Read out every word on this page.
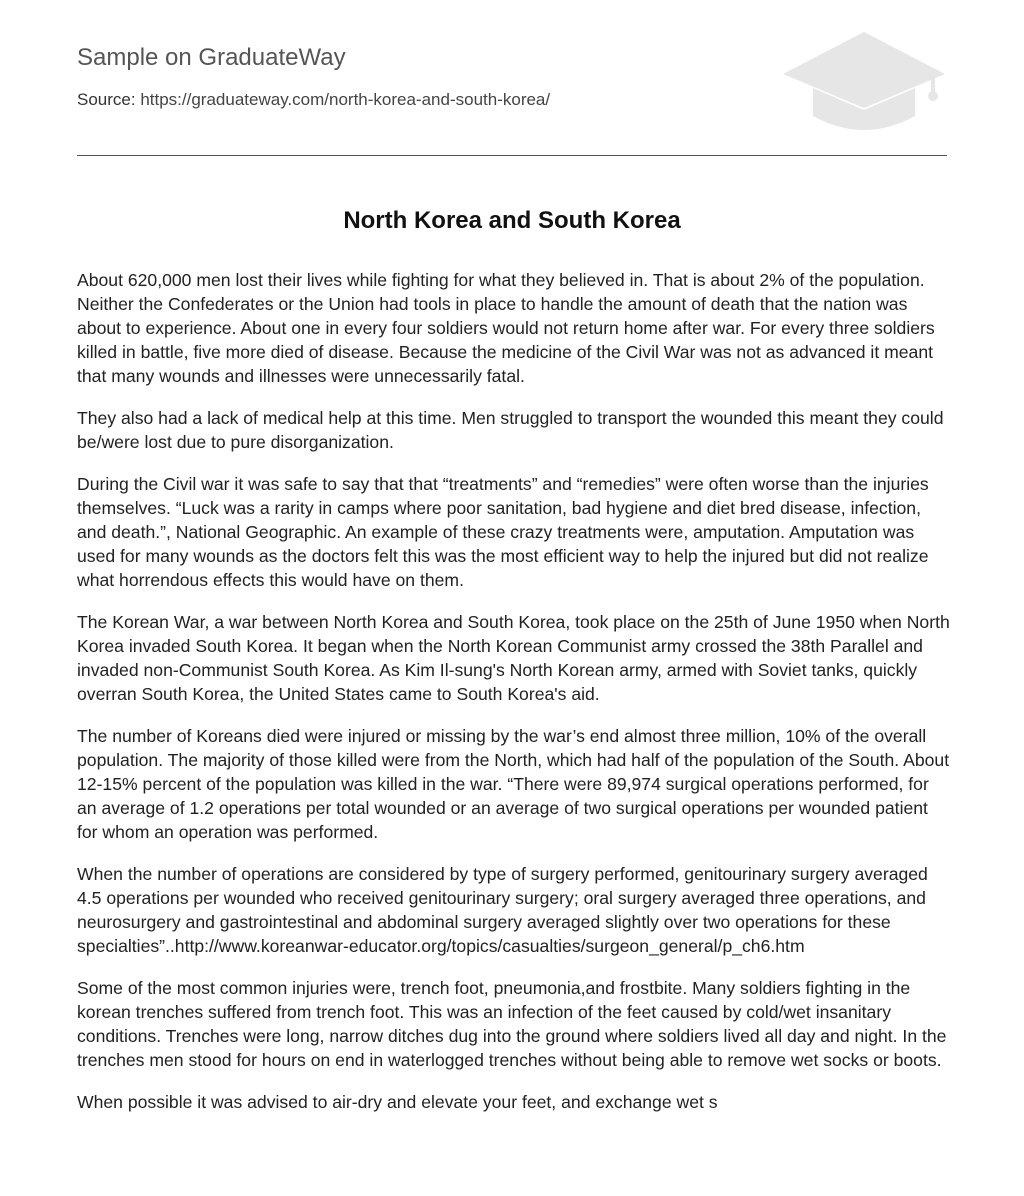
Sample on GraduateWay
Source: https://graduateway.com/north-korea-and-south-korea/
North Korea and South Korea

About 620,000 men lost their lives while fighting for what they believed in. That is about 2% of the population. Neither the Confederates or the Union had tools in place to handle the amount of death that the nation was about to experience. About one in every four soldiers would not return home after war. For every three soldiers killed in battle, five more died of disease. Because the medicine of the Civil War was not as advanced it meant that many wounds and illnesses were unnecessarily fatal.

They also had a lack of medical help at this time. Men struggled to transport the wounded this meant they could be/were lost due to pure disorganization.

During the Civil war it was safe to say that that “treatments” and “remedies” were often worse than the injuries themselves. “Luck was a rarity in camps where poor sanitation, bad hygiene and diet bred disease, infection, and death.”, National Geographic. An example of these crazy treatments were, amputation. Amputation was used for many wounds as the doctors felt this was the most efficient way to help the injured but did not realize what horrendous effects this would have on them.

The Korean War, a war between North Korea and South Korea, took place on the 25th of June 1950 when North Korea invaded South Korea. It began when the North Korean Communist army crossed the 38th Parallel and invaded non-Communist South Korea. As Kim Il-sung's North Korean army, armed with Soviet tanks, quickly overran South Korea, the United States came to South Korea's aid.

The number of Koreans died were injured or missing by the war’s end almost three million, 10% of the overall population. The majority of those killed were from the North, which had half of the population of the South. About 12-15% percent of the population was killed in the war. “There were 89,974 surgical operations performed, for an average of 1.2 operations per total wounded or an average of two surgical operations per wounded patient for whom an operation was performed.

When the number of operations are considered by type of surgery performed, genitourinary surgery averaged 4.5 operations per wounded who received genitourinary surgery; oral surgery averaged three operations, and neurosurgery and gastrointestinal and abdominal surgery averaged slightly over two operations for these specialties”..http://www.koreanwar-educator.org/topics/casualties/surgeon_general/p_ch6.htm

Some of the most common injuries were, trench foot, pneumonia,and frostbite. Many soldiers fighting in the korean trenches suffered from trench foot. This was an infection of the feet caused by cold/wet insanitary conditions. Trenches were long, narrow ditches dug into the ground where soldiers lived all day and night. In the trenches men stood for hours on end in waterlogged trenches without being able to remove wet socks or boots.

When possible it was advised to air-dry and elevate your feet, and exchange wet s
